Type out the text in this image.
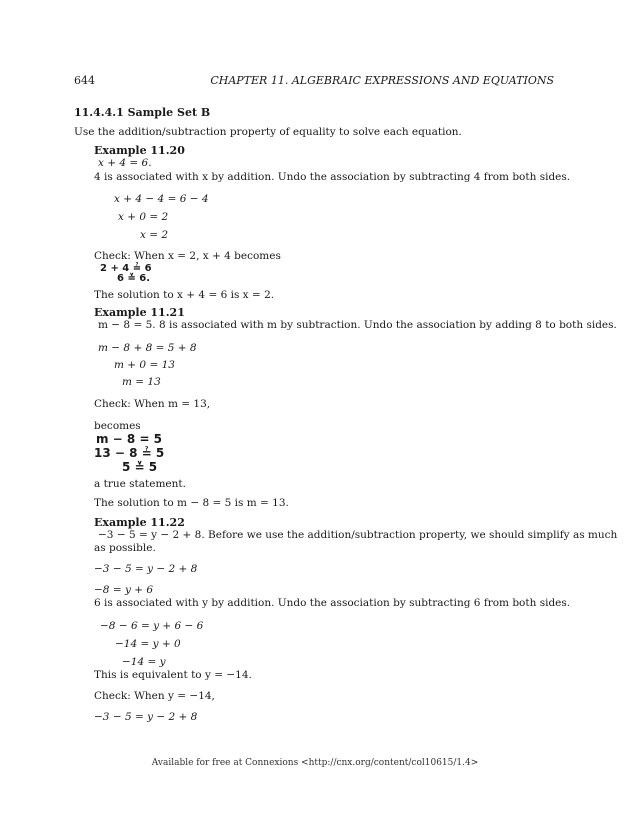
644	CHAPTER 11. ALGEBRAIC EXPRESSIONS AND EQUATIONS
11.4.4.1 Sample Set B
Use the addition/subtraction property of equality to solve each equation.
Example 11.20
x + 4 = 6.
4 is associated with x by addition. Undo the association by subtracting 4 from both sides.
x + 4 − 4 = 6 − 4
x + 0 = 2
x = 2
Check: When x = 2, x + 4 becomes
2 + 4 ≟ 6
6 ≚ 6.
The solution to x + 4 = 6 is x = 2.
Example 11.21
m − 8 = 5. 8 is associated with m by subtraction. Undo the association by adding 8 to both sides.
m − 8 + 8 = 5 + 8
m + 0 = 13
m = 13
Check: When m = 13,
becomes
m − 8 = 5
13 − 8 ≟ 5
5 ≚ 5
a true statement.
The solution to m − 8 = 5 is m = 13.
Example 11.22
−3 − 5 = y − 2 + 8. Before we use the addition/subtraction property, we should simplify as much
as possible.
−3 − 5 = y − 2 + 8
−8 = y + 6
6 is associated with y by addition. Undo the association by subtracting 6 from both sides.
−8 − 6 = y + 6 − 6
−14 = y + 0
−14 = y
This is equivalent to y = −14.
Check: When y = −14,
−3 − 5 = y − 2 + 8
Available for free at Connexions <http://cnx.org/content/col10615/1.4>
